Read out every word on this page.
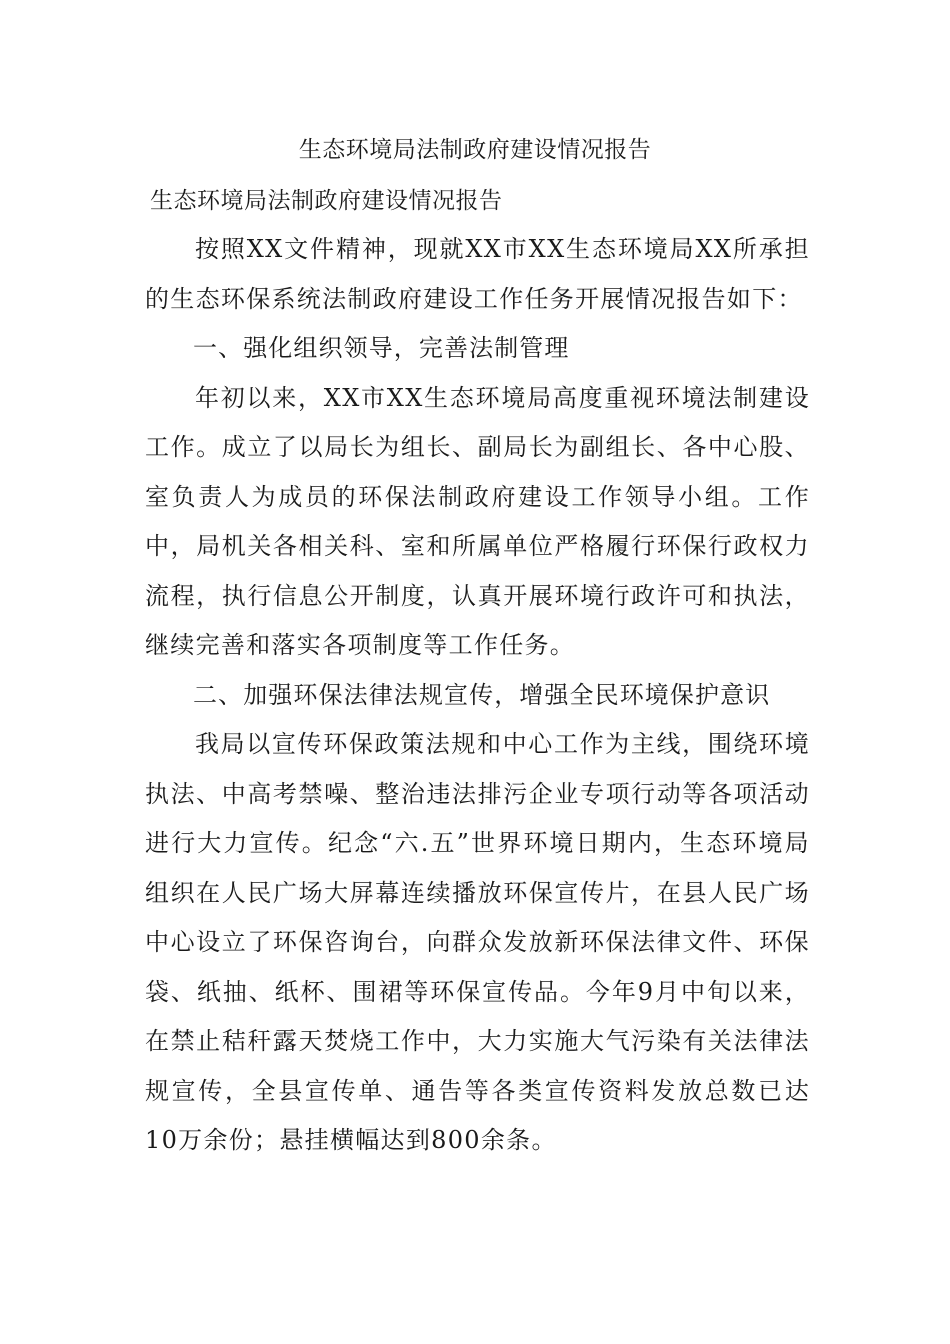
生态环境局法制政府建设情况报告
生态环境局法制政府建设情况报告

按照XX文件精神，现就XX市XX生态环境局XX所承担的生态环保系统法制政府建设工作任务开展情况报告如下：

一、强化组织领导，完善法制管理

年初以来，XX市XX生态环境局高度重视环境法制建设工作。成立了以局长为组长、副局长为副组长、各中心股、室负责人为成员的环保法制政府建设工作领导小组。工作中，局机关各相关科、室和所属单位严格履行环保行政权力流程，执行信息公开制度，认真开展环境行政许可和执法，继续完善和落实各项制度等工作任务。

二、加强环保法律法规宣传，增强全民环境保护意识

我局以宣传环保政策法规和中心工作为主线，围绕环境执法、中高考禁噪、整治违法排污企业专项行动等各项活动进行大力宣传。纪念“六.五”世界环境日期内，生态环境局组织在人民广场大屏幕连续播放环保宣传片，在县人民广场中心设立了环保咨询台，向群众发放新环保法律文件、环保袋、纸抽、纸杯、围裙等环保宣传品。今年9月中旬以来，在禁止秸秆露天焚烧工作中，大力实施大气污染有关法律法规宣传，全县宣传单、通告等各类宣传资料发放总数已达10万余份；悬挂横幅达到800余条。
